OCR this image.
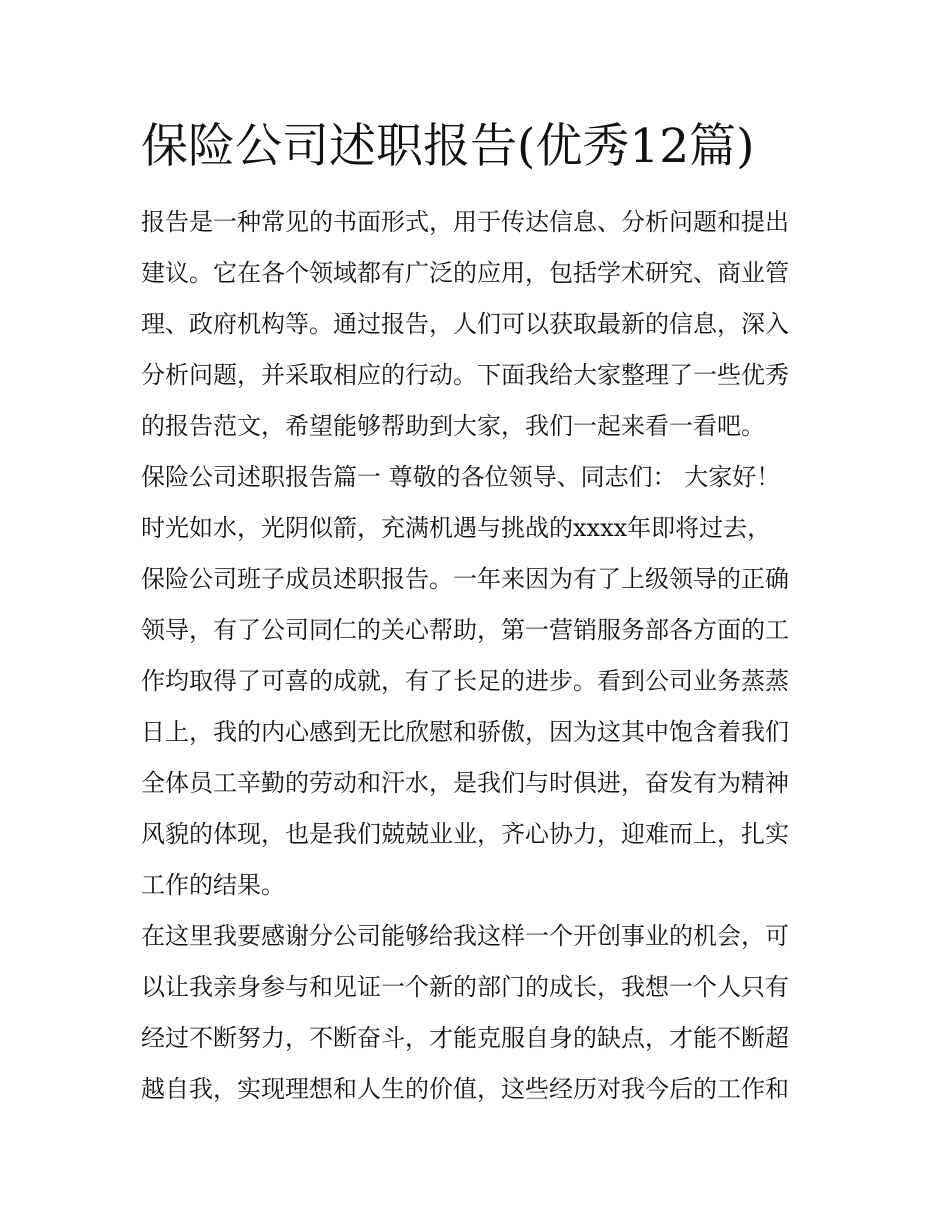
保险公司述职报告(优秀12篇)

报告是一种常见的书面形式，用于传达信息、分析问题和提出

建议。它在各个领域都有广泛的应用，包括学术研究、商业管

理、政府机构等。通过报告，人们可以获取最新的信息，深入

分析问题，并采取相应的行动。下面我给大家整理了一些优秀

的报告范文，希望能够帮助到大家，我们一起来看一看吧。

保险公司述职报告篇一 尊敬的各位领导、同志们： 大家好！

时光如水，光阴似箭，充满机遇与挑战的xxxx年即将过去，

保险公司班子成员述职报告。一年来因为有了上级领导的正确

领导，有了公司同仁的关心帮助，第一营销服务部各方面的工

作均取得了可喜的成就，有了长足的进步。看到公司业务蒸蒸

日上，我的内心感到无比欣慰和骄傲，因为这其中饱含着我们

全体员工辛勤的劳动和汗水，是我们与时俱进，奋发有为精神

风貌的体现，也是我们兢兢业业，齐心协力，迎难而上，扎实

工作的结果。

在这里我要感谢分公司能够给我这样一个开创事业的机会，可

以让我亲身参与和见证一个新的部门的成长，我想一个人只有

经过不断努力，不断奋斗，才能克服自身的缺点，才能不断超

越自我，实现理想和人生的价值，这些经历对我今后的工作和
